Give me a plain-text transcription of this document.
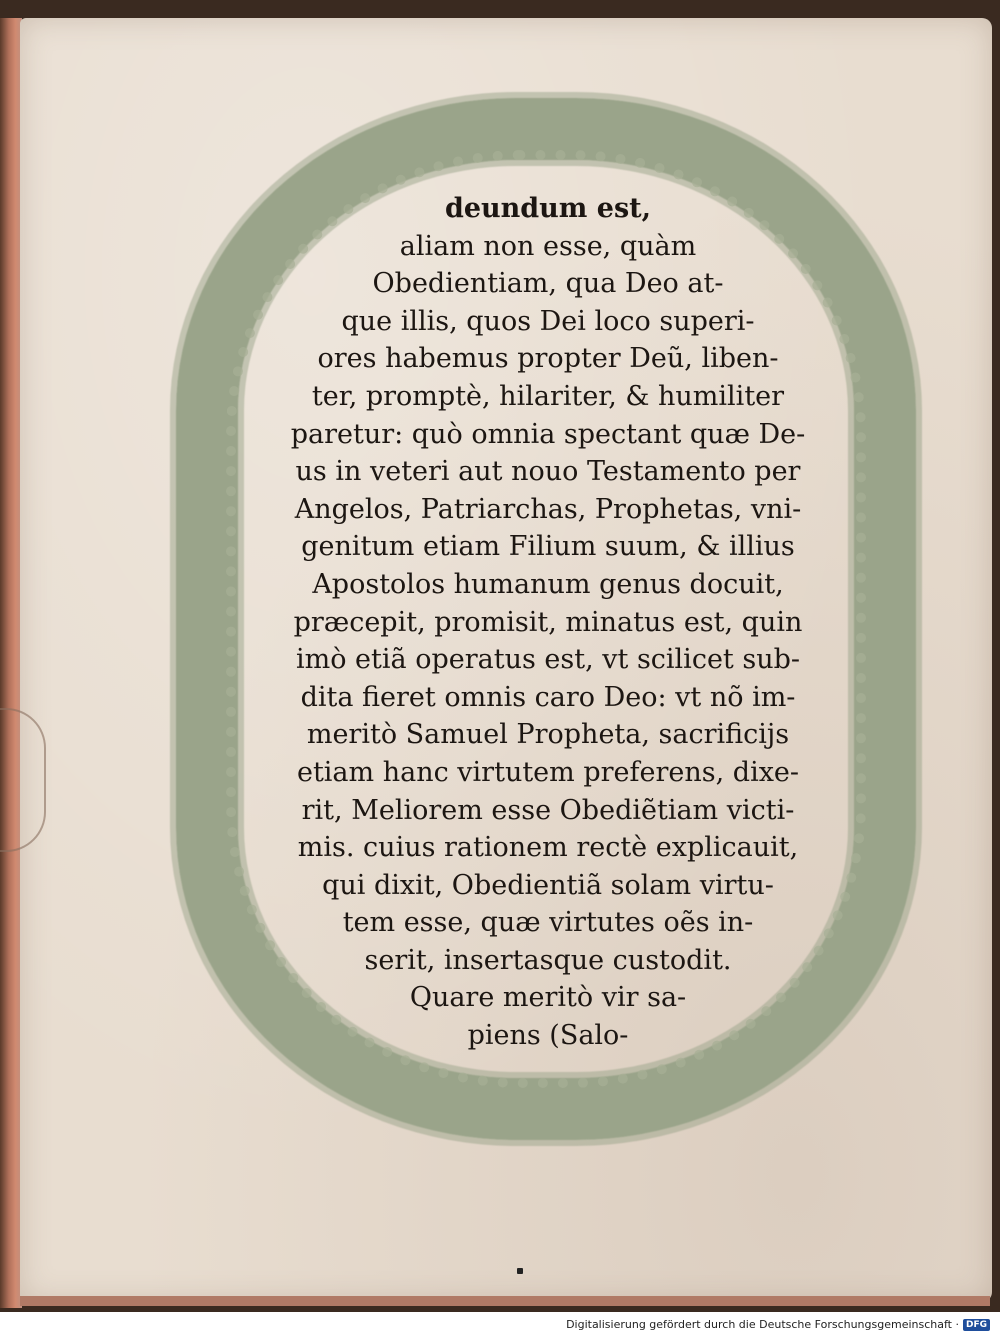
deundum est,
aliam non esse, quàm
Obedientiam, qua Deo at-
que illis, quos Dei loco superi-
ores habemus propter Deũ, liben-
ter, promptè, hilariter, & humiliter
paretur: quò omnia spectant quæ De-
us in veteri aut nouo Testamento per
Angelos, Patriarchas, Prophetas, vni-
genitum etiam Filium suum, & illius
Apostolos humanum genus docuit,
præcepit, promisit, minatus est, quin
imò etiã operatus est, vt scilicet sub-
dita fieret omnis caro Deo: vt nõ im-
meritò Samuel Propheta, sacrificijs
etiam hanc virtutem preferens, dixe-
rit, Meliorem esse Obediẽtiam victi-
mis. cuius rationem rectè explicauit,
qui dixit, Obedientiã solam virtu-
tem esse, quæ virtutes oẽs in-
serit, insertasque custodit.
Quare meritò vir sa-
piens (Salo-
Digitalisierung gefördert durch die Deutsche Forschungsgemeinschaft · DFG
